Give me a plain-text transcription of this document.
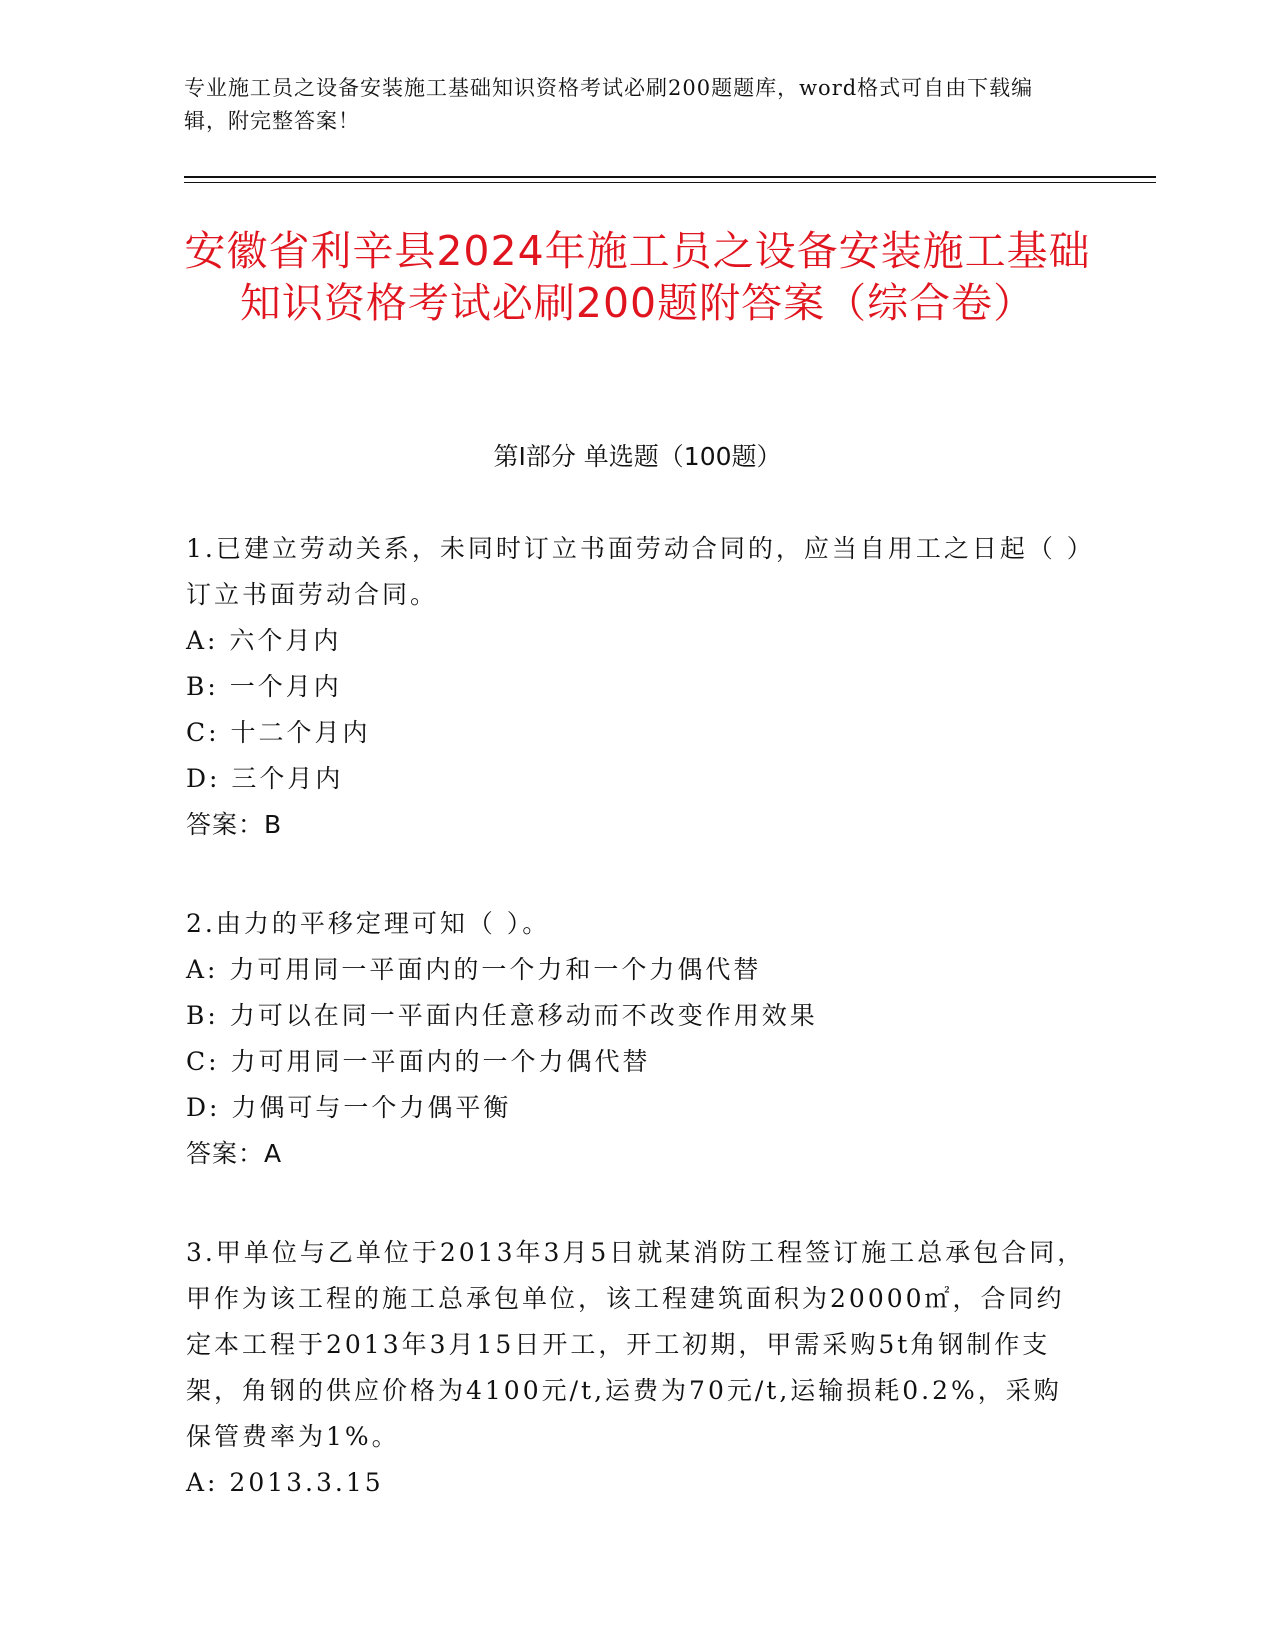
专业施工员之设备安装施工基础知识资格考试必刷200题题库，word格式可自由下载编辑，附完整答案！
安徽省利辛县2024年施工员之设备安装施工基础知识资格考试必刷200题附答案（综合卷）
第I部分 单选题（100题）
1.已建立劳动关系，未同时订立书面劳动合同的，应当自用工之日起（ ）订立书面劳动合同。
A: 六个月内
B: 一个月内
C: 十二个月内
D: 三个月内
答案：B
2.由力的平移定理可知（ ）。
A: 力可用同一平面内的一个力和一个力偶代替
B: 力可以在同一平面内任意移动而不改变作用效果
C: 力可用同一平面内的一个力偶代替
D: 力偶可与一个力偶平衡
答案：A
3.甲单位与乙单位于2013年3月5日就某消防工程签订施工总承包合同，甲作为该工程的施工总承包单位，该工程建筑面积为20000㎡，合同约定本工程于2013年3月15日开工，开工初期，甲需采购5t角钢制作支架，角钢的供应价格为4100元/t,运费为70元/t,运输损耗0.2%，采购保管费率为1%。
A: 2013.3.15
